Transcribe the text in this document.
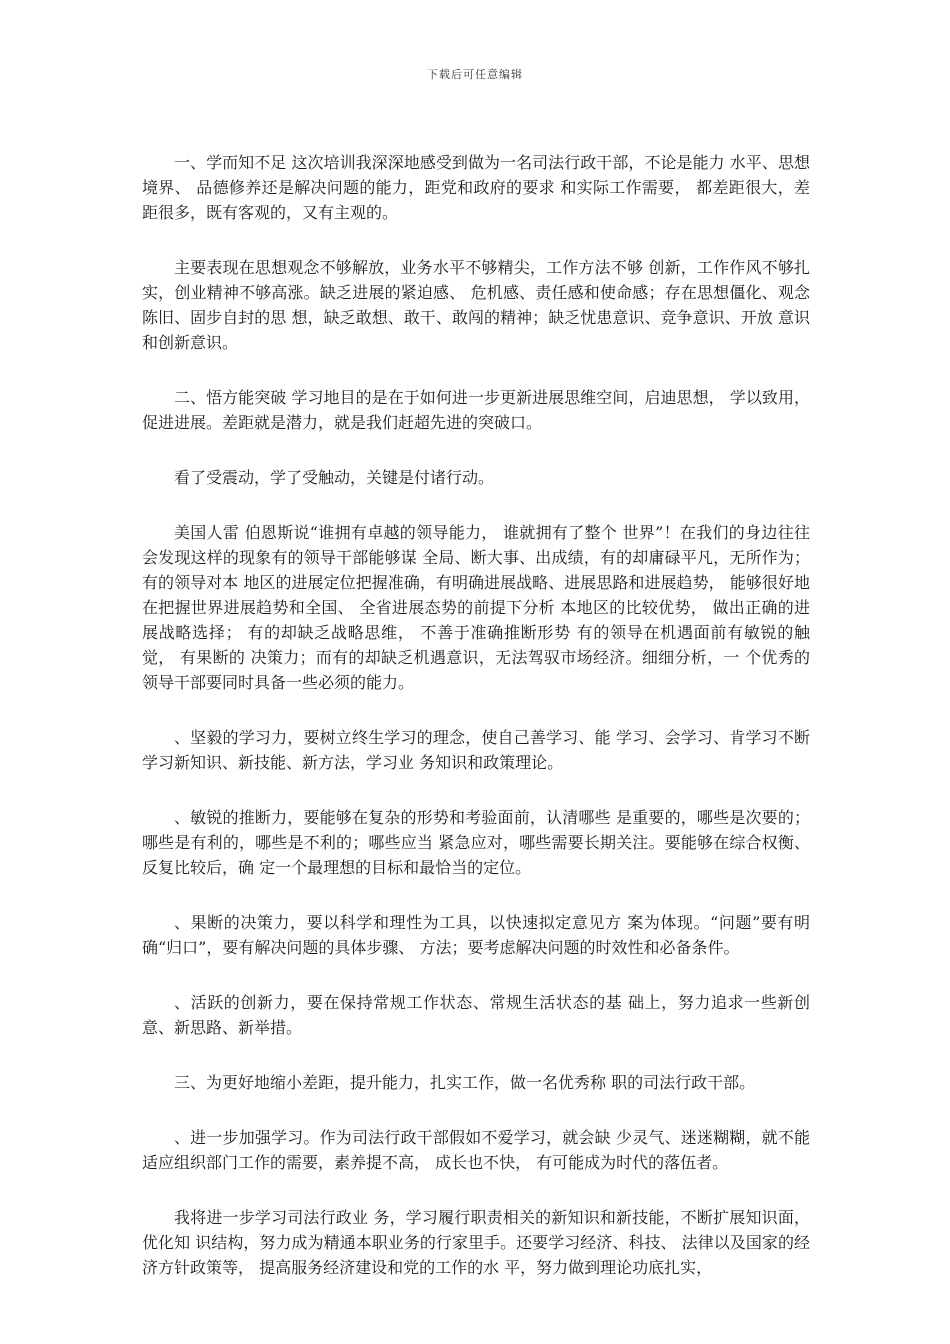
下载后可任意编辑

一、学而知不足 这次培训我深深地感受到做为一名司法行政干部，不论是能力 水平、思想境界、 品德修养还是解决问题的能力，距党和政府的要求 和实际工作需要， 都差距很大，差距很多，既有客观的，又有主观的。

主要表现在思想观念不够解放，业务水平不够精尖，工作方法不够 创新，工作作风不够扎实，创业精神不够高涨。缺乏进展的紧迫感、 危机感、责任感和使命感；存在思想僵化、观念陈旧、固步自封的思 想，缺乏敢想、敢干、敢闯的精神；缺乏忧患意识、竞争意识、开放 意识和创新意识。

二、悟方能突破 学习地目的是在于如何进一步更新进展思维空间，启迪思想， 学以致用，促进进展。差距就是潜力，就是我们赶超先进的突破口。

看了受震动，学了受触动，关键是付诸行动。

美国人雷 伯恩斯说“谁拥有卓越的领导能力， 谁就拥有了整个 世界”！在我们的身边往往会发现这样的现象有的领导干部能够谋 全局、断大事、出成绩，有的却庸碌平凡，无所作为；有的领导对本 地区的进展定位把握准确，有明确进展战略、进展思路和进展趋势， 能够很好地在把握世界进展趋势和全国、 全省进展态势的前提下分析 本地区的比较优势， 做出正确的进展战略选择； 有的却缺乏战略思维， 不善于准确推断形势 有的领导在机遇面前有敏锐的触觉， 有果断的 决策力；而有的却缺乏机遇意识，无法驾驭市场经济。细细分析，一 个优秀的领导干部要同时具备一些必须的能力。

、坚毅的学习力，要树立终生学习的理念，使自己善学习、能 学习、会学习、肯学习不断学习新知识、新技能、新方法，学习业 务知识和政策理论。

、敏锐的推断力，要能够在复杂的形势和考验面前，认清哪些 是重要的，哪些是次要的；哪些是有利的，哪些是不利的；哪些应当 紧急应对，哪些需要长期关注。要能够在综合权衡、反复比较后，确 定一个最理想的目标和最恰当的定位。

、果断的决策力，要以科学和理性为工具，以快速拟定意见方 案为体现。“问题”要有明确“归口”，要有解决问题的具体步骤、 方法；要考虑解决问题的时效性和必备条件。

、活跃的创新力，要在保持常规工作状态、常规生活状态的基 础上，努力追求一些新创意、新思路、新举措。

三、为更好地缩小差距，提升能力，扎实工作，做一名优秀称 职的司法行政干部。

、进一步加强学习。作为司法行政干部假如不爱学习，就会缺 少灵气、迷迷糊糊，就不能适应组织部门工作的需要，素养提不高， 成长也不快， 有可能成为时代的落伍者。

我将进一步学习司法行政业 务，学习履行职责相关的新知识和新技能，不断扩展知识面，优化知 识结构，努力成为精通本职业务的行家里手。还要学习经济、科技、 法律以及国家的经济方针政策等， 提高服务经济建设和党的工作的水 平，努力做到理论功底扎实，
